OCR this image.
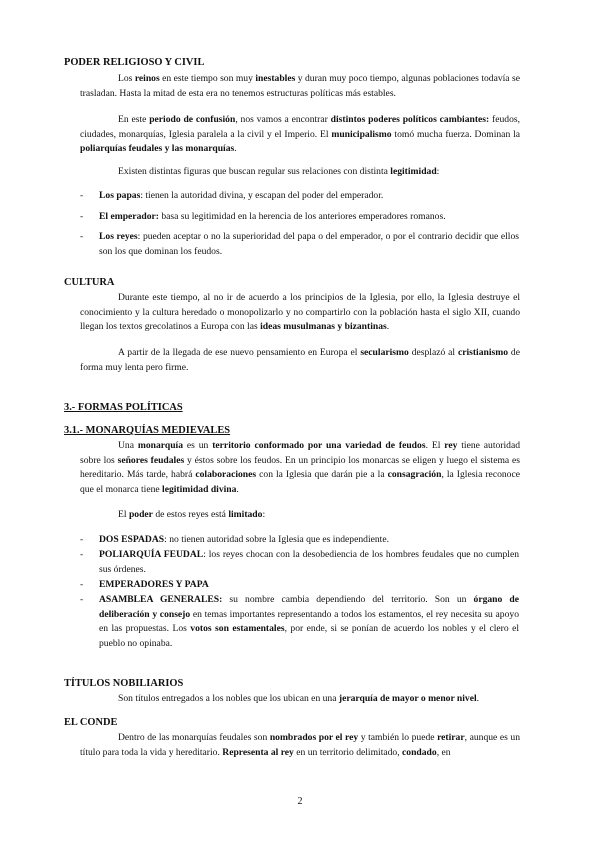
PODER RELIGIOSO Y CIVIL

Los reinos en este tiempo son muy inestables y duran muy poco tiempo, algunas poblaciones todavía se trasladan. Hasta la mitad de esta era no tenemos estructuras políticas más estables.

En este periodo de confusión, nos vamos a encontrar distintos poderes políticos cambiantes: feudos, ciudades, monarquías, Iglesia paralela a la civil y el Imperio. El municipalismo tomó mucha fuerza. Dominan la poliarquías feudales y las monarquías.

Existen distintas figuras que buscan regular sus relaciones con distinta legitimidad:

- Los papas: tienen la autoridad divina, y escapan del poder del emperador.

- El emperador: basa su legitimidad en la herencia de los anteriores emperadores romanos.

- Los reyes: pueden aceptar o no la superioridad del papa o del emperador, o por el contrario decidir que ellos son los que dominan los feudos.

CULTURA

Durante este tiempo, al no ir de acuerdo a los principios de la Iglesia, por ello, la Iglesia destruye el conocimiento y la cultura heredado o monopolizarlo y no compartirlo con la población hasta el siglo XII, cuando llegan los textos grecolatinos a Europa con las ideas musulmanas y bizantinas.

A partir de la llegada de ese nuevo pensamiento en Europa el secularismo desplazó al cristianismo de forma muy lenta pero firme.

3.- FORMAS POLÍTICAS

3.1.- MONARQUÍAS MEDIEVALES

Una monarquía es un territorio conformado por una variedad de feudos. El rey tiene autoridad sobre los señores feudales y éstos sobre los feudos. En un principio los monarcas se eligen y luego el sistema es hereditario. Más tarde, habrá colaboraciones con la Iglesia que darán pie a la consagración, la Iglesia reconoce que el monarca tiene legitimidad divina.

El poder de estos reyes está limitado:

- DOS ESPADAS: no tienen autoridad sobre la Iglesia que es independiente.

- POLIARQUÍA FEUDAL: los reyes chocan con la desobediencia de los hombres feudales que no cumplen sus órdenes.

- EMPERADORES Y PAPA

- ASAMBLEA GENERALES: su nombre cambia dependiendo del territorio. Son un órgano de deliberación y consejo en temas importantes representando a todos los estamentos, el rey necesita su apoyo en las propuestas. Los votos son estamentales, por ende, si se ponían de acuerdo los nobles y el clero el pueblo no opinaba.

TÍTULOS NOBILIARIOS

Son títulos entregados a los nobles que los ubican en una jerarquía de mayor o menor nivel.

EL CONDE

Dentro de las monarquías feudales son nombrados por el rey y también lo puede retirar, aunque es un título para toda la vida y hereditario. Representa al rey en un territorio delimitado, condado, en

2
